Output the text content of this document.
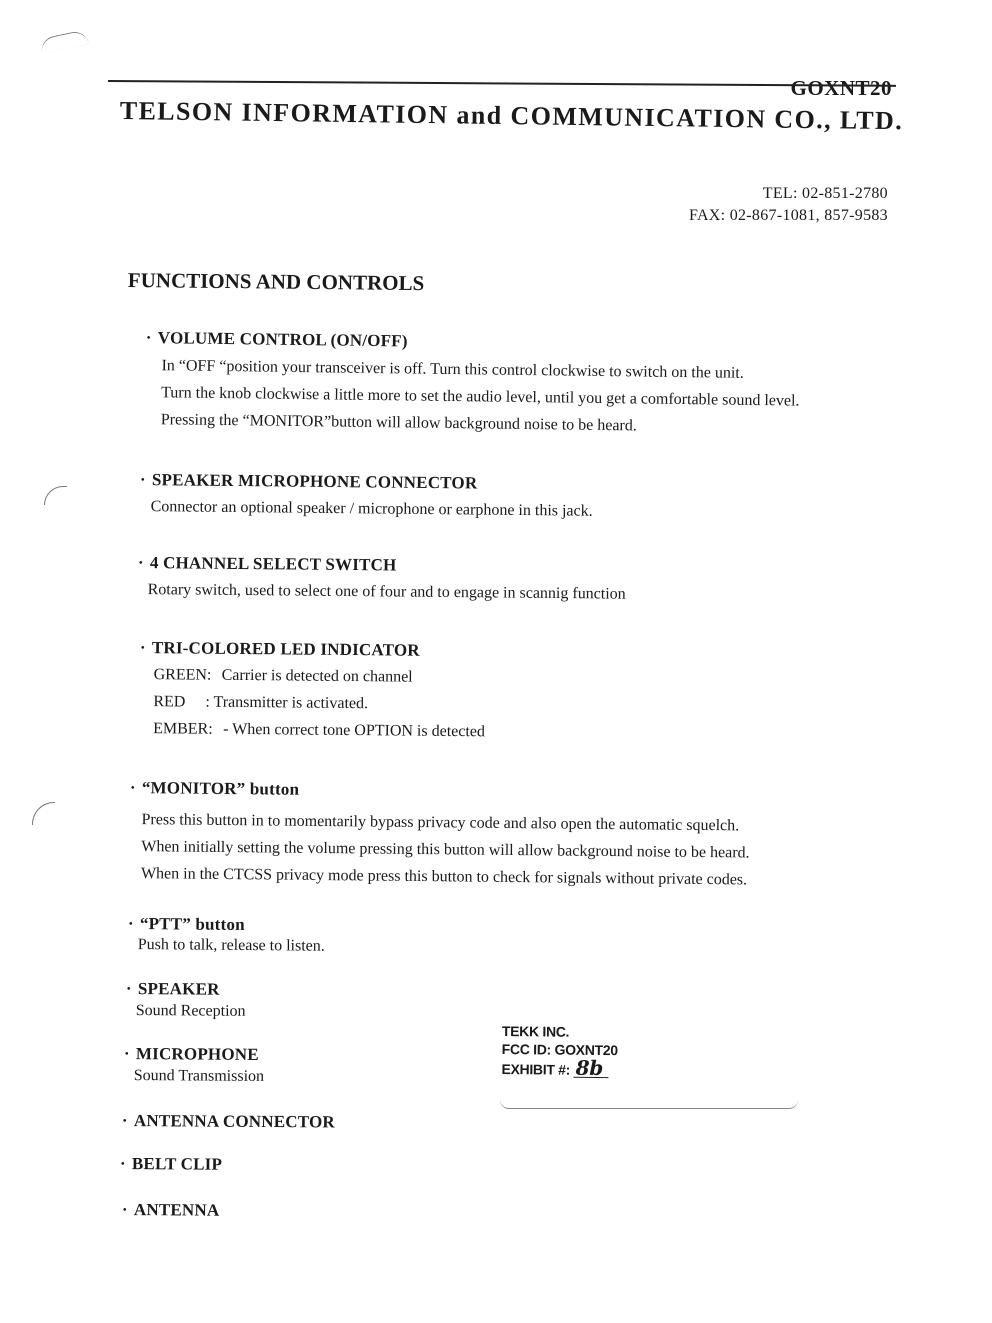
GOXNT20
TELSON INFORMATION and COMMUNICATION CO., LTD.
TEL: 02-851-2780
FAX: 02-867-1081, 857-9583
FUNCTIONS AND CONTROLS
· VOLUME CONTROL (ON/OFF)
In “OFF “position your transceiver is off. Turn this control clockwise to switch on the unit.
Turn the knob clockwise a little more to set the audio level, until you get a comfortable sound level.
Pressing the “MONITOR”button will allow background noise to be heard.
· SPEAKER MICROPHONE CONNECTOR
Connector an optional speaker / microphone or earphone in this jack.
· 4 CHANNEL SELECT SWITCH
Rotary switch, used to select one of four and to engage in scannig function
· TRI-COLORED LED INDICATOR
GREEN: Carrier is detected on channel
RED	: Transmitter is activated.
EMBER: - When correct tone OPTION is detected
· “MONITOR” button
Press this button in to momentarily bypass privacy code and also open the automatic squelch.
When initially setting the volume pressing this button will allow background noise to be heard.
When in the CTCSS privacy mode press this button to check for signals without private codes.
· “PTT” button
Push to talk, release to listen.
· SPEAKER
Sound Reception
· MICROPHONE
Sound Transmission
· ANTENNA CONNECTOR
· BELT CLIP
· ANTENNA
TEKK INC.
FCC ID: GOXNT20
EXHIBIT #: 8b
